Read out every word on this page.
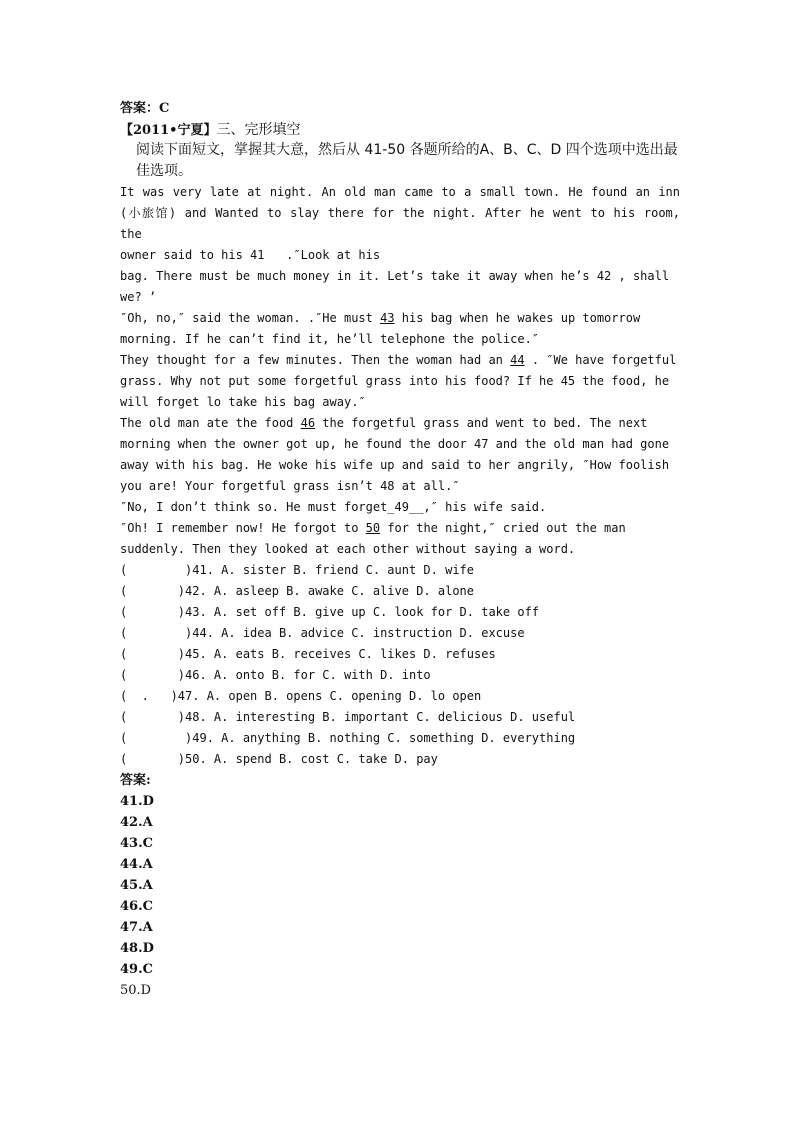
答案：C
【2011•宁夏】三、完形填空
阅读下面短文，掌握其大意，然后从 41-50 各题所给的A、B、C、D 四个选项中选出最佳选项。
It was very late at night. An old man came to a small town. He found an inn (小旅馆) and Wanted to slay there for the night. After he went to his room, the
owner said to his 41   .″Look at his
bag. There must be much money in it. Let’s take it away when he’s 42 , shall
we? ’
″Oh, no,″ said the woman. .″He must 43 his bag when he wakes up tomorrow
morning. If he can’t find it, he’ll telephone the police.″
They thought for a few minutes. Then the woman had an 44 . ″We have forgetful
grass. Why not put some forgetful grass into his food? If he 45 the food, he
will forget lo take his bag away.″
The old man ate the food 46 the forgetful grass and went to bed. The next
morning when the owner got up, he found the door 47 and the old man had gone
away with his bag. He woke his wife up and said to her angrily, ″How foolish
you are! Your forgetful grass isn’t 48 at all.″
″No, I don’t think so. He must forget_49__,″ his wife said.
″Oh! I remember now! He forgot to 50 for the night,″ cried out the man
suddenly. Then they looked at each other without saying a word.
(        )41. A. sister B. friend C. aunt D. wife
(       )42. A. asleep B. awake C. alive D. alone
(       )43. A. set off B. give up C. look for D. take off
(        )44. A. idea B. advice C. instruction D. excuse
(       )45. A. eats B. receives C. likes D. refuses
(       )46. A. onto B. for C. with D. into
(  .   )47. A. open B. opens C. opening D. lo open
(       )48. A. interesting B. important C. delicious D. useful
(        )49. A. anything B. nothing C. something D. everything
(       )50. A. spend B. cost C. take D. pay
答案:
41.D
42.A
43.C
44.A
45.A
46.C
47.A
48.D
49.C
50.D
